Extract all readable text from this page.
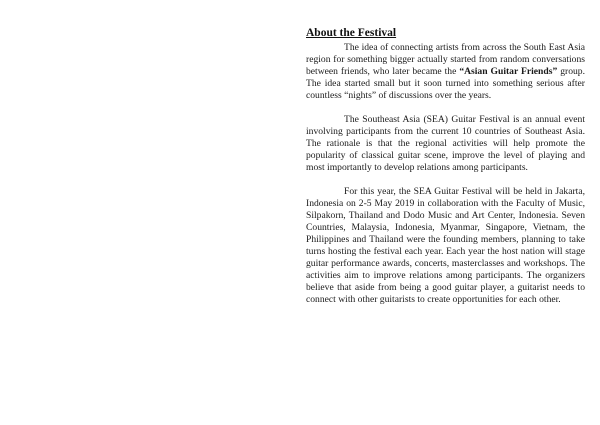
About the Festival

The idea of connecting artists from across the South East Asia region for something bigger actually started from random conversations between friends, who later became the “Asian Guitar Friends” group. The idea started small but it soon turned into something serious after countless “nights” of discussions over the years.

The Southeast Asia (SEA) Guitar Festival is an annual event involving participants from the current 10 countries of Southeast Asia. The rationale is that the regional activities will help promote the popularity of classical guitar scene, improve the level of playing and most importantly to develop relations among participants.

For this year, the SEA Guitar Festival will be held in Jakarta, Indonesia on 2-5 May 2019 in collaboration with the Faculty of Music, Silpakorn, Thailand and Dodo Music and Art Center, Indonesia. Seven Countries, Malaysia, Indonesia, Myanmar, Singapore, Vietnam, the Philippines and Thailand were the founding members, planning to take turns hosting the festival each year. Each year the host nation will stage guitar performance awards, concerts, masterclasses and workshops. The activities aim to improve relations among participants. The organizers believe that aside from being a good guitar player, a guitarist needs to connect with other guitarists to create opportunities for each other.
